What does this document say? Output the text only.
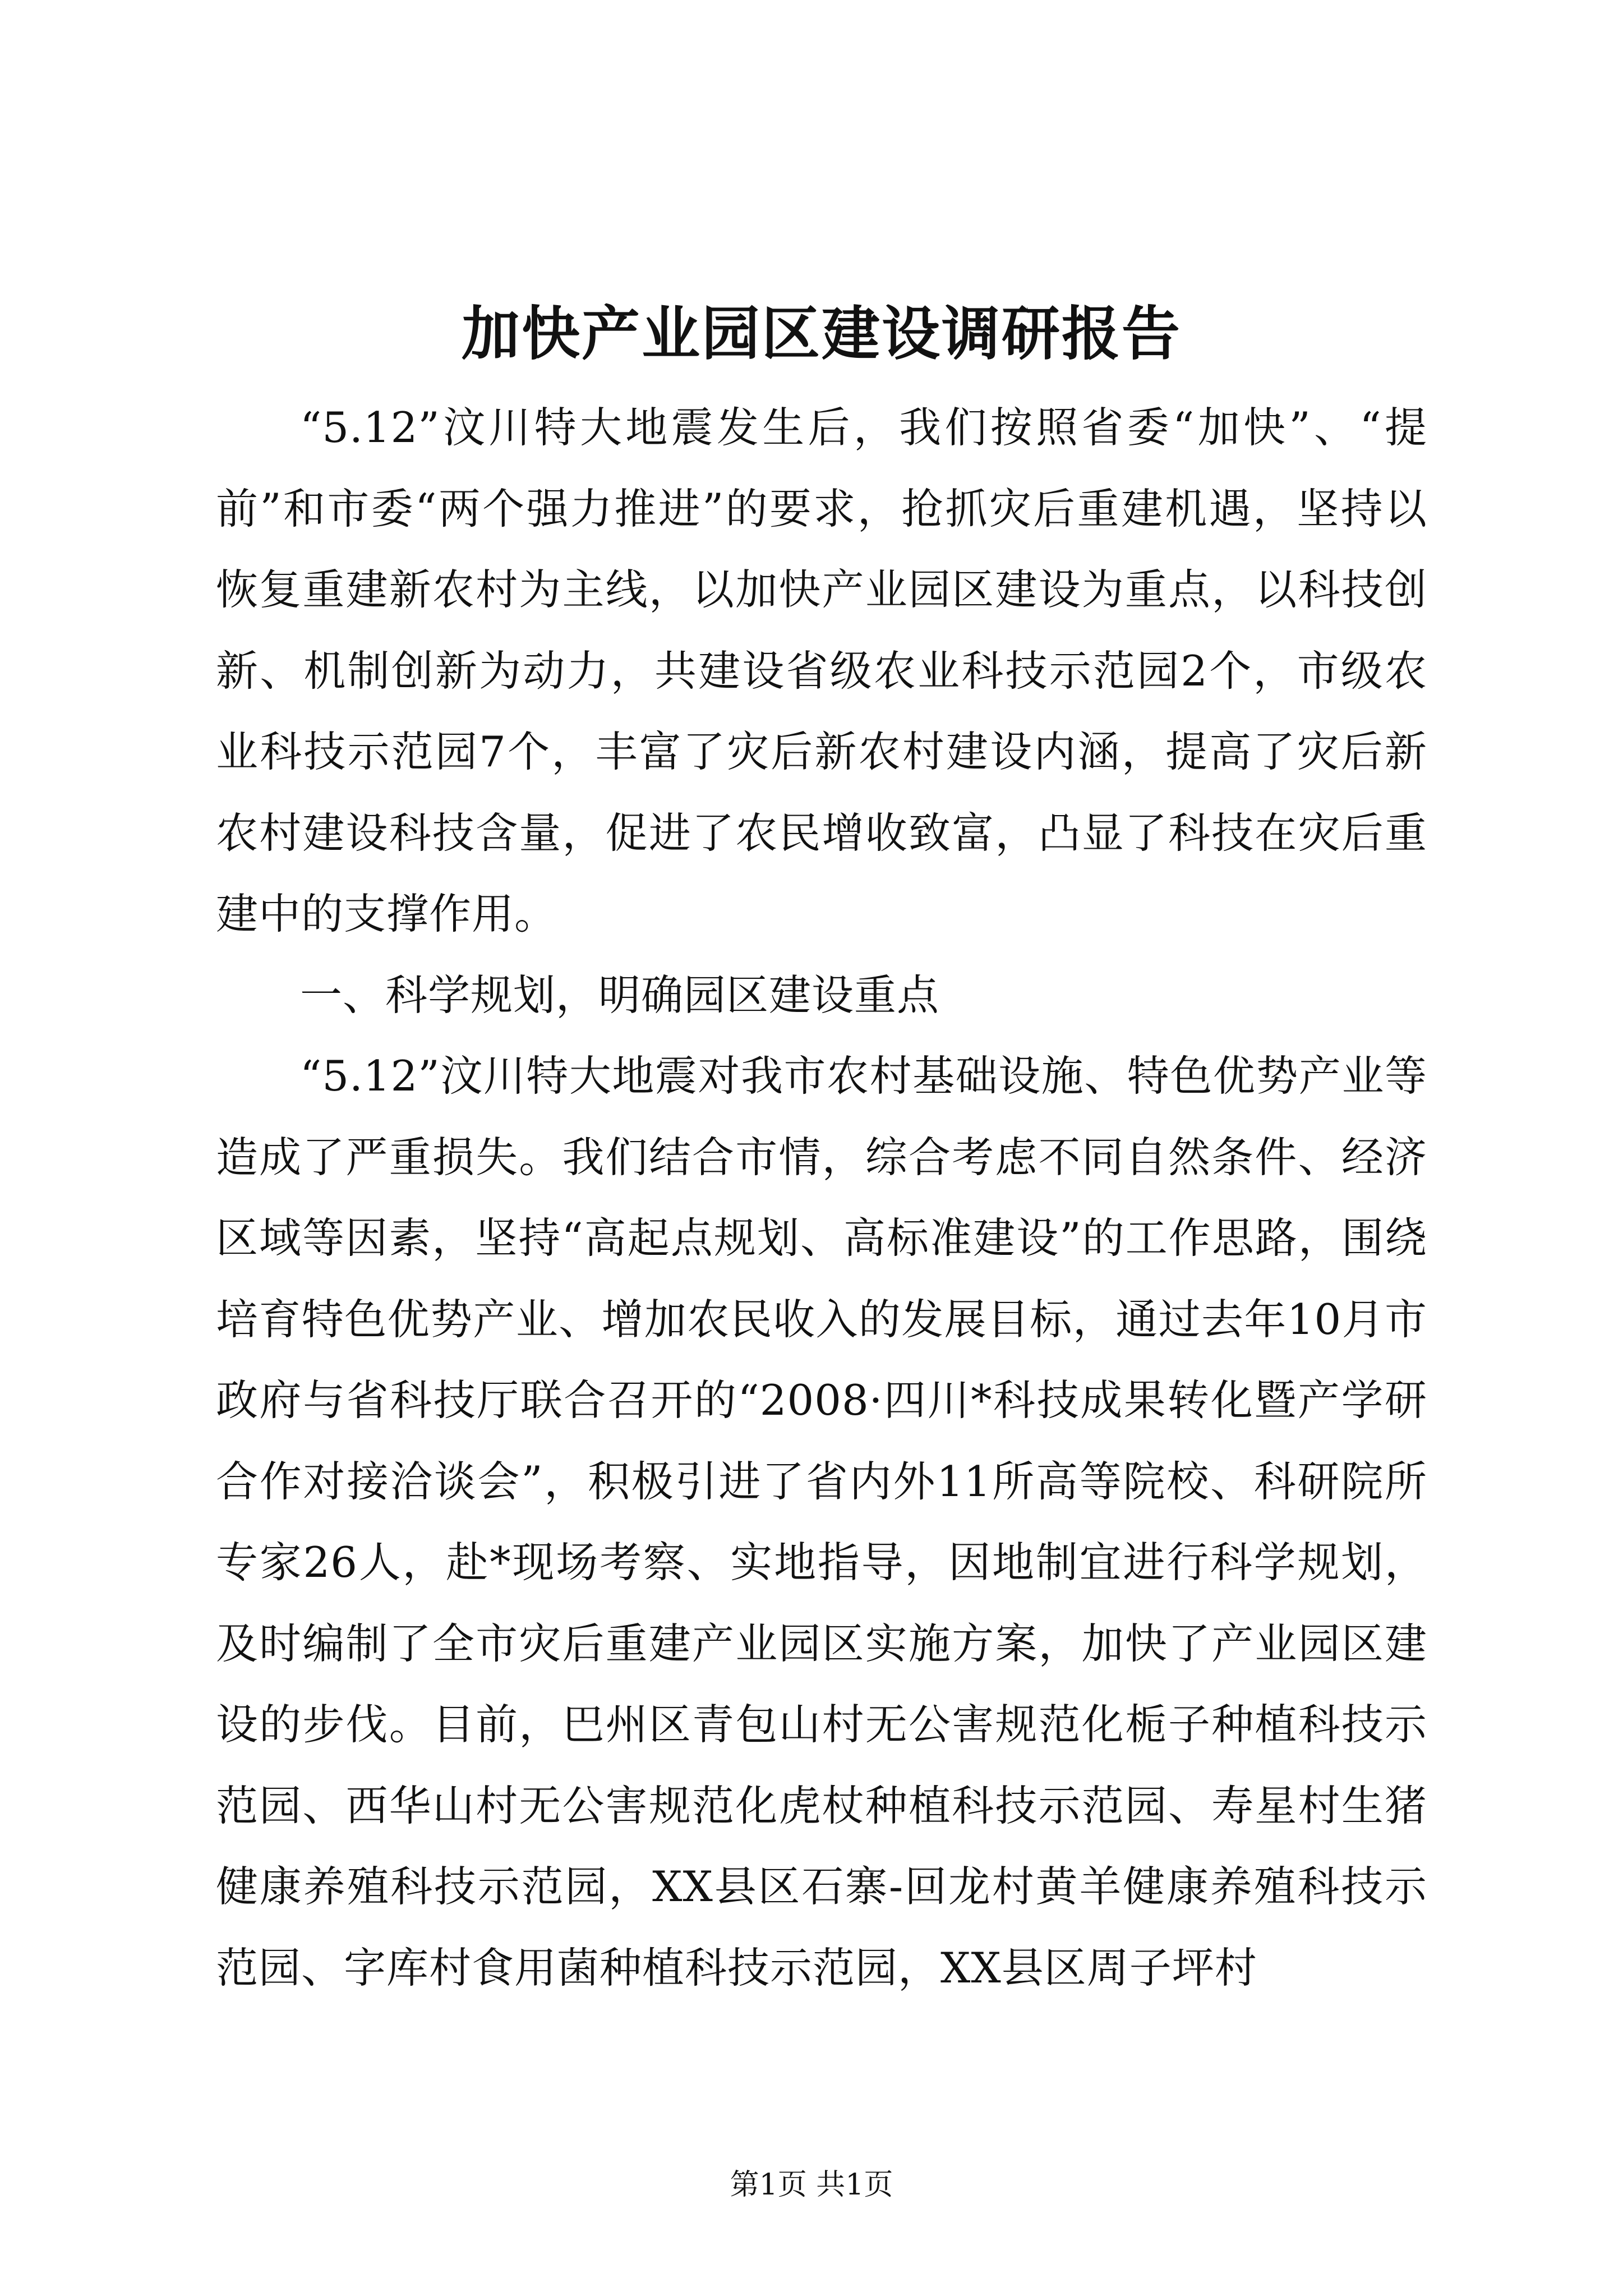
加快产业园区建设调研报告

“5.12”汶川特大地震发生后，我们按照省委“加快”、“提前”和市委“两个强力推进”的要求，抢抓灾后重建机遇，坚持以恢复重建新农村为主线，以加快产业园区建设为重点，以科技创新、机制创新为动力，共建设省级农业科技示范园2个，市级农业科技示范园7个，丰富了灾后新农村建设内涵，提高了灾后新农村建设科技含量，促进了农民增收致富，凸显了科技在灾后重建中的支撑作用。

一、科学规划，明确园区建设重点

“5.12”汶川特大地震对我市农村基础设施、特色优势产业等造成了严重损失。我们结合市情，综合考虑不同自然条件、经济区域等因素，坚持“高起点规划、高标准建设”的工作思路，围绕培育特色优势产业、增加农民收入的发展目标，通过去年10月市政府与省科技厅联合召开的“2008·四川*科技成果转化暨产学研合作对接洽谈会”，积极引进了省内外11所高等院校、科研院所专家26人，赴*现场考察、实地指导，因地制宜进行科学规划，及时编制了全市灾后重建产业园区实施方案，加快了产业园区建设的步伐。目前，巴州区青包山村无公害规范化栀子种植科技示范园、西华山村无公害规范化虎杖种植科技示范园、寿星村生猪健康养殖科技示范园，XX县区石寨-回龙村黄羊健康养殖科技示范园、字库村食用菌种植科技示范园，XX县区周子坪村

第1页 共1页
